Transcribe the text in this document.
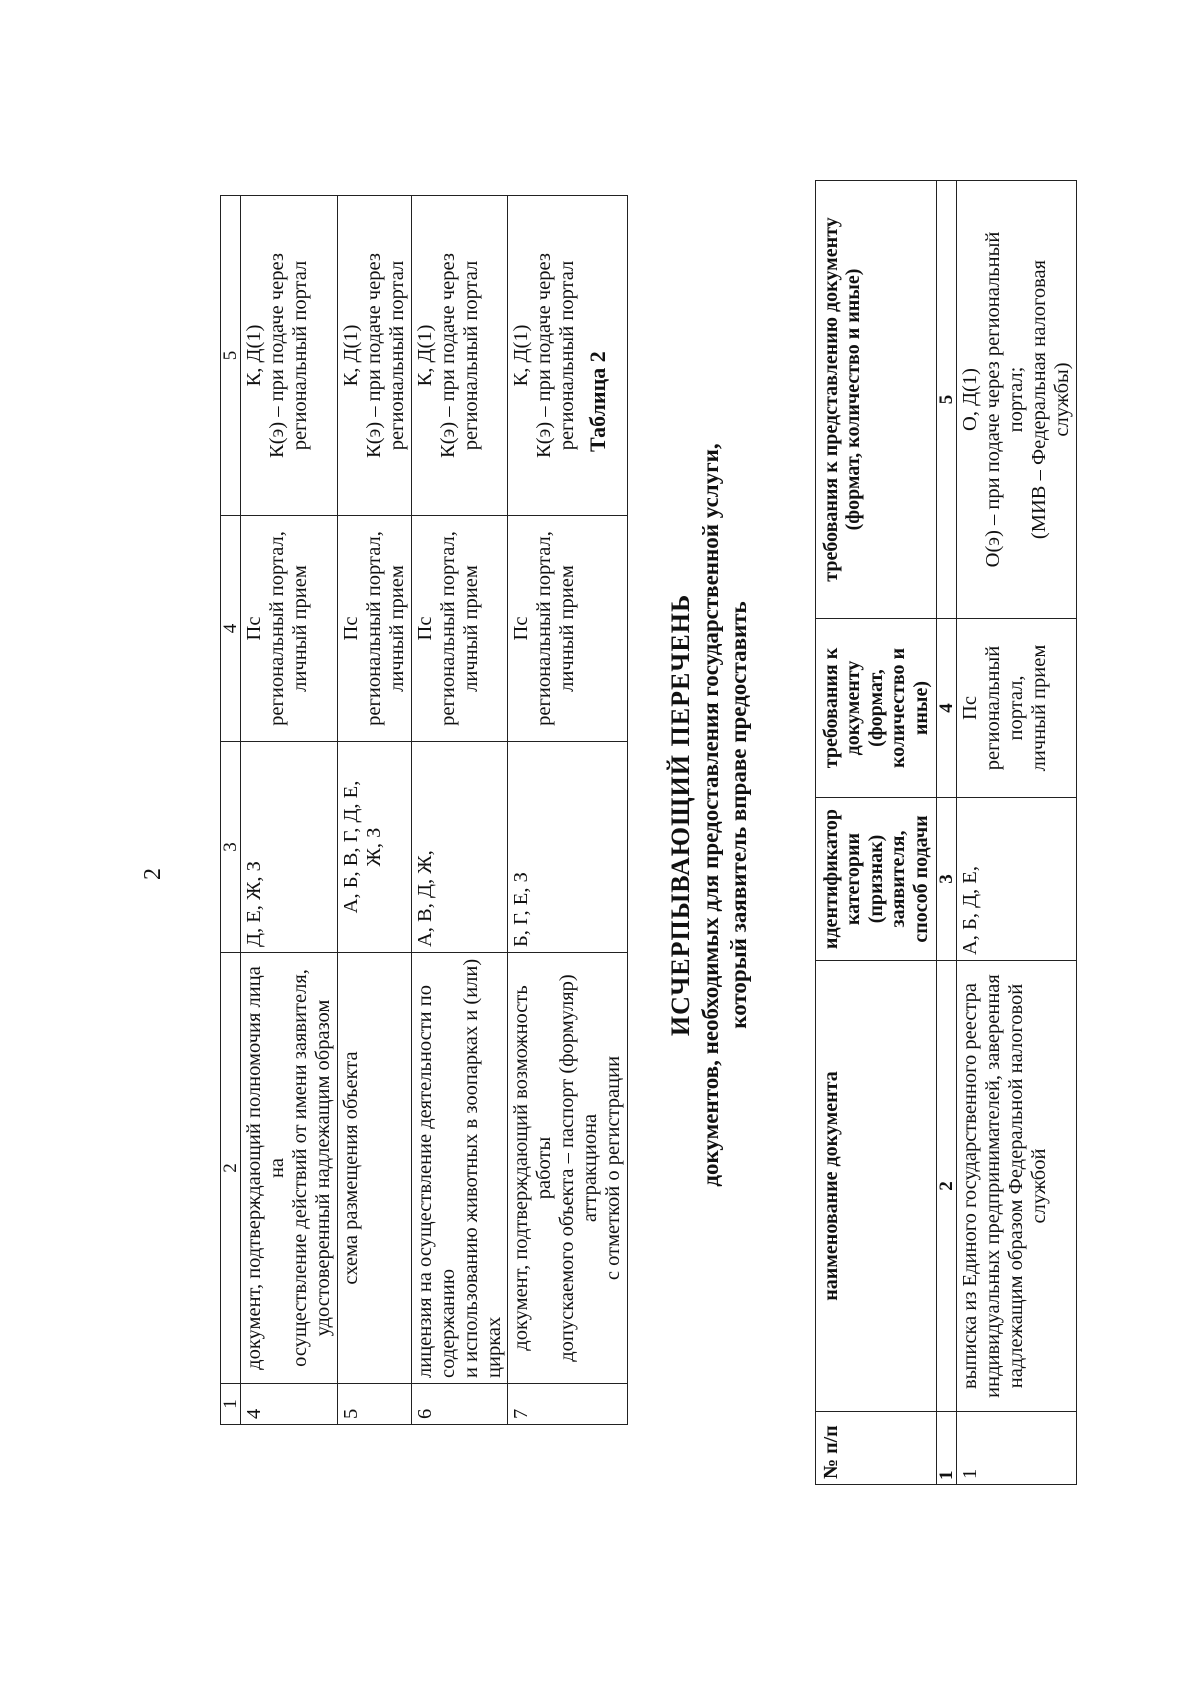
2
1	2	3	4	5
4	документ, подтверждающий полномочия лица на осуществление действий от имени заявителя, удостоверенный надлежащим образом	Д, Е, Ж, З	Пс региональный портал, личный прием	К, Д(1) К(э) – при подаче через региональный портал

5	схема размещения объекта	А, Б, В, Г, Д, Е, Ж, З	Пс региональный портал, личный прием	К, Д(1) К(э) – при подаче через региональный портал

6	лицензия на осуществление деятельности по содержанию и использованию животных в зоопарках и (или) цирках	А, В, Д, Ж,	Пс региональный портал, личный прием	К, Д(1) К(э) – при подаче через региональный портал

7	документ, подтверждающий возможность работы допускаемого объекта – паспорт (формуляр) аттракциона с отметкой о регистрации	Б, Г, Е, З	Пс региональный портал, личный прием	К, Д(1) К(э) – при подаче через региональный портал Таблица 2
ИСЧЕРПЫВАЮЩИЙ ПЕРЕЧЕНЬ документов, необходимых для предоставления государственной услуги, который заявитель вправе предоставить
№ п/п	наименование документа	идентификатор категории (признак) заявителя, способ подачи	требования к документу (формат, количество и иные)	требования к представлению документу (формат, количество и иные)
1	2	3	4	5
1	выписка из Единого государственного реестра индивидуальных предпринимателей, заверенная надлежащим образом Федеральной налоговой службой	А, Б, Д, Е,	Пс региональный портал, личный прием	О, Д(1) О(э) – при подаче через региональный портал; (МИВ – Федеральная налоговая службы)
